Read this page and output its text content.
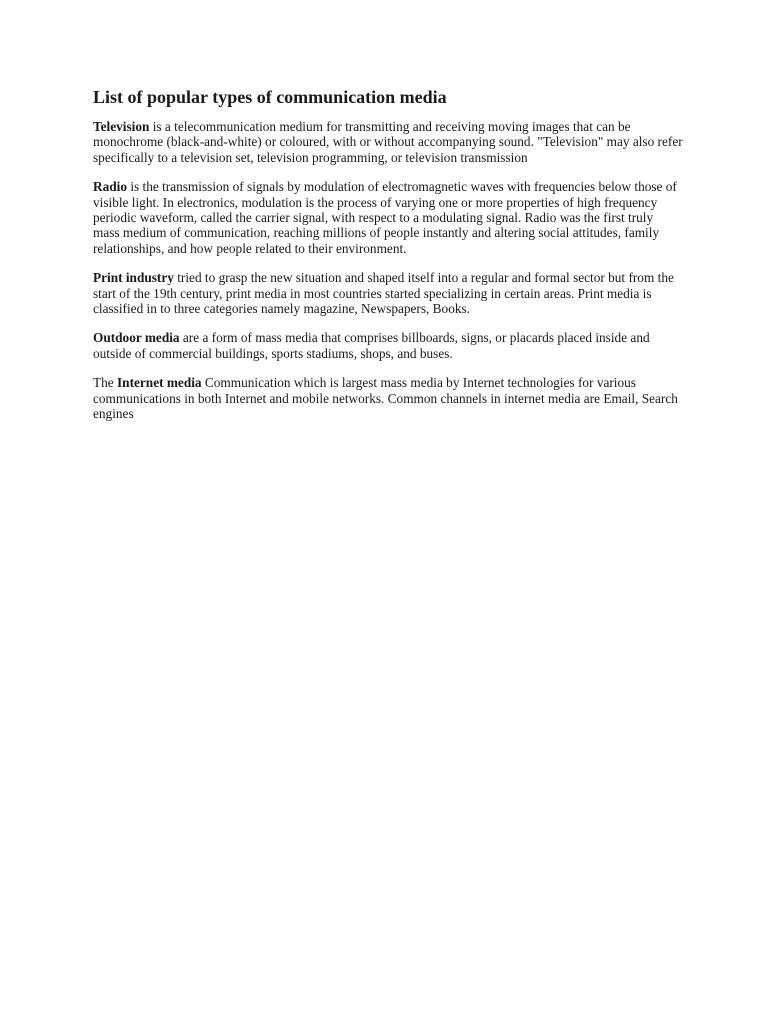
List of popular types of communication media

Television is a telecommunication medium for transmitting and receiving moving images that can be monochrome (black-and-white) or coloured, with or without accompanying sound. "Television" may also refer specifically to a television set, television programming, or television transmission

Radio is the transmission of signals by modulation of electromagnetic waves with frequencies below those of visible light. In electronics, modulation is the process of varying one or more properties of high frequency periodic waveform, called the carrier signal, with respect to a modulating signal. Radio was the first truly mass medium of communication, reaching millions of people instantly and altering social attitudes, family relationships, and how people related to their environment.

Print industry tried to grasp the new situation and shaped itself into a regular and formal sector but from the start of the 19th century, print media in most countries started specializing in certain areas. Print media is classified in to three categories namely magazine, Newspapers, Books.

Outdoor media are a form of mass media that comprises billboards, signs, or placards placed inside and outside of commercial buildings, sports stadiums, shops, and buses.

The Internet media Communication which is largest mass media by Internet technologies for various communications in both Internet and mobile networks. Common channels in internet media are Email, Search engines
